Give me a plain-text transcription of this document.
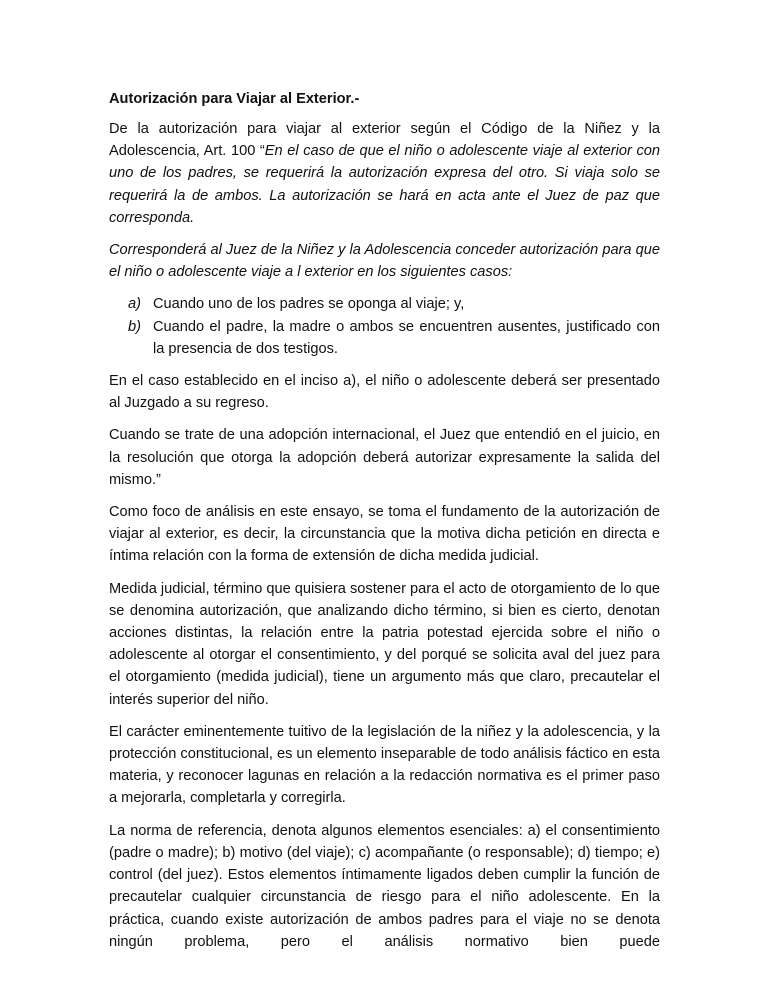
Autorización para Viajar al Exterior.-

De la autorización para viajar al exterior según el Código de la Niñez y la Adolescencia, Art. 100 “En el caso de que el niño o adolescente viaje al exterior con uno de los padres, se requerirá la autorización expresa del otro. Si viaja solo se requerirá la de ambos. La autorización se hará en acta ante el Juez de paz que corresponda.

Corresponderá al Juez de la Niñez y la Adolescencia conceder autorización para que el niño o adolescente viaje a l exterior en los siguientes casos:

a) Cuando uno de los padres se oponga al viaje; y,
b) Cuando el padre, la madre o ambos se encuentren ausentes, justificado con la presencia de dos testigos.

En el caso establecido en el inciso a), el niño o adolescente deberá ser presentado al Juzgado a su regreso.

Cuando se trate de una adopción internacional, el Juez que entendió en el juicio, en la resolución que otorga la adopción deberá autorizar expresamente la salida del mismo.”

Como foco de análisis en este ensayo, se toma el fundamento de la autorización de viajar al exterior, es decir, la circunstancia que la motiva dicha petición en directa e íntima relación con la forma de extensión de dicha medida judicial.

Medida judicial, término que quisiera sostener para el acto de otorgamiento de lo que se denomina autorización, que analizando dicho término, si bien es cierto, denotan acciones distintas, la relación entre la patria potestad ejercida sobre el niño o adolescente al otorgar el consentimiento, y del porqué se solicita aval del juez para el otorgamiento (medida judicial), tiene un argumento más que claro, precautelar el interés superior del niño.

El carácter eminentemente tuitivo de la legislación de la niñez y la adolescencia, y la protección constitucional, es un elemento inseparable de todo análisis fáctico en esta materia, y reconocer lagunas en relación a la redacción normativa es el primer paso a mejorarla, completarla y corregirla.

La norma de referencia, denota algunos elementos esenciales: a) el consentimiento (padre o madre); b) motivo (del viaje); c) acompañante (o responsable); d) tiempo; e) control (del juez). Estos elementos íntimamente ligados deben cumplir la función de precautelar cualquier circunstancia de riesgo para el niño adolescente. En la práctica, cuando existe autorización de ambos padres para el viaje no se denota ningún problema, pero el análisis normativo bien puede
